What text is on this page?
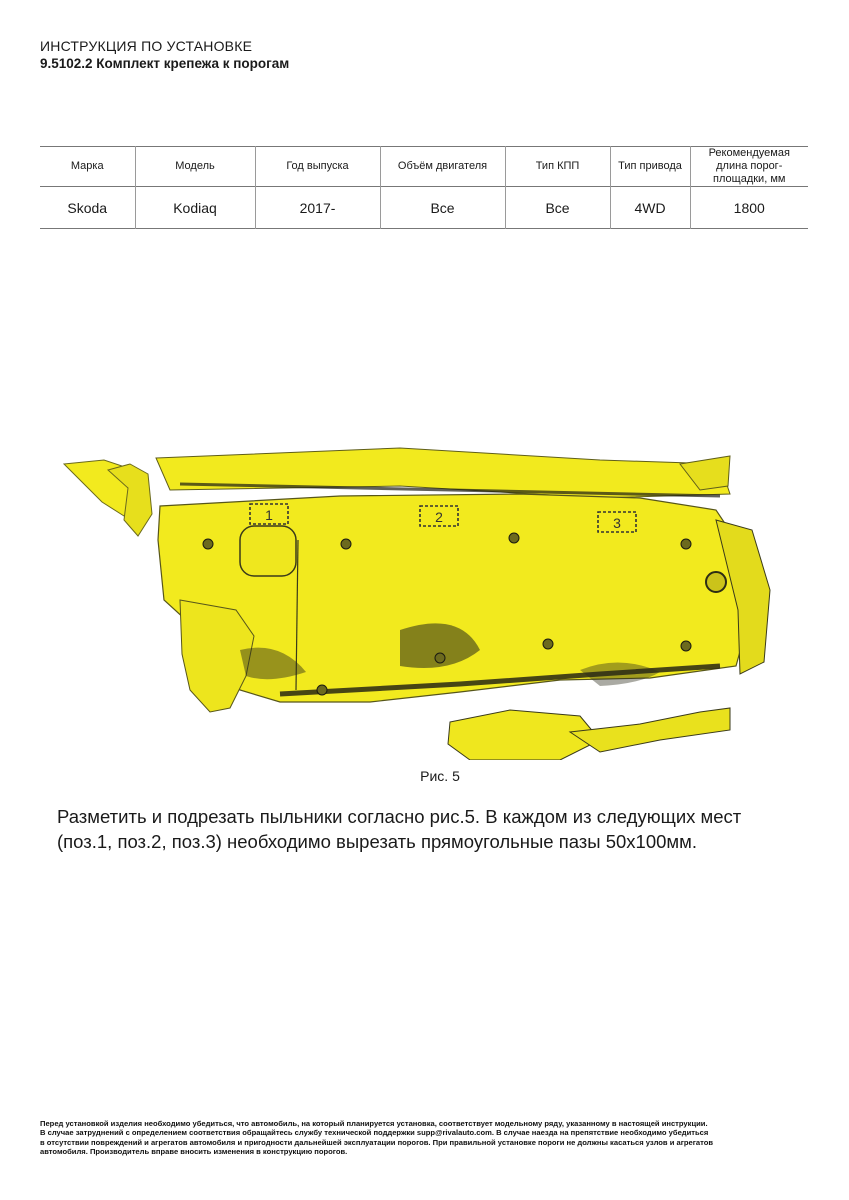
ИНСТРУКЦИЯ ПО УСТАНОВКЕ
9.5102.2 Комплект крепежа к порогам
Марка	Модель	Год выпуска	Объём двигателя	Тип КПП	Тип привода	Рекомендуемая длина порог-площадки, мм
Skoda	Kodiaq	2017-	Все	Все	4WD	1800
1	2	3
Рис. 5
Разметить и подрезать пыльники согласно рис.5. В каждом из следующих мест
(поз.1, поз.2, поз.3) необходимо вырезать прямоугольные пазы 50х100мм.

Перед установкой изделия необходимо убедиться, что автомобиль, на который планируется установка, соответствует модельному ряду, указанному в настоящей инструкции.

В случае затруднений с определением соответствия обращайтесь службу технической поддержки supp@rivalauto.com. В случае наезда на препятствие необходимо убедиться

в отсутствии повреждений и агрегатов автомобиля и пригодности дальнейшей эксплуатации порогов. При правильной установке пороги не должны касаться узлов и агрегатов

автомобиля. Производитель вправе вносить изменения в конструкцию порогов.
